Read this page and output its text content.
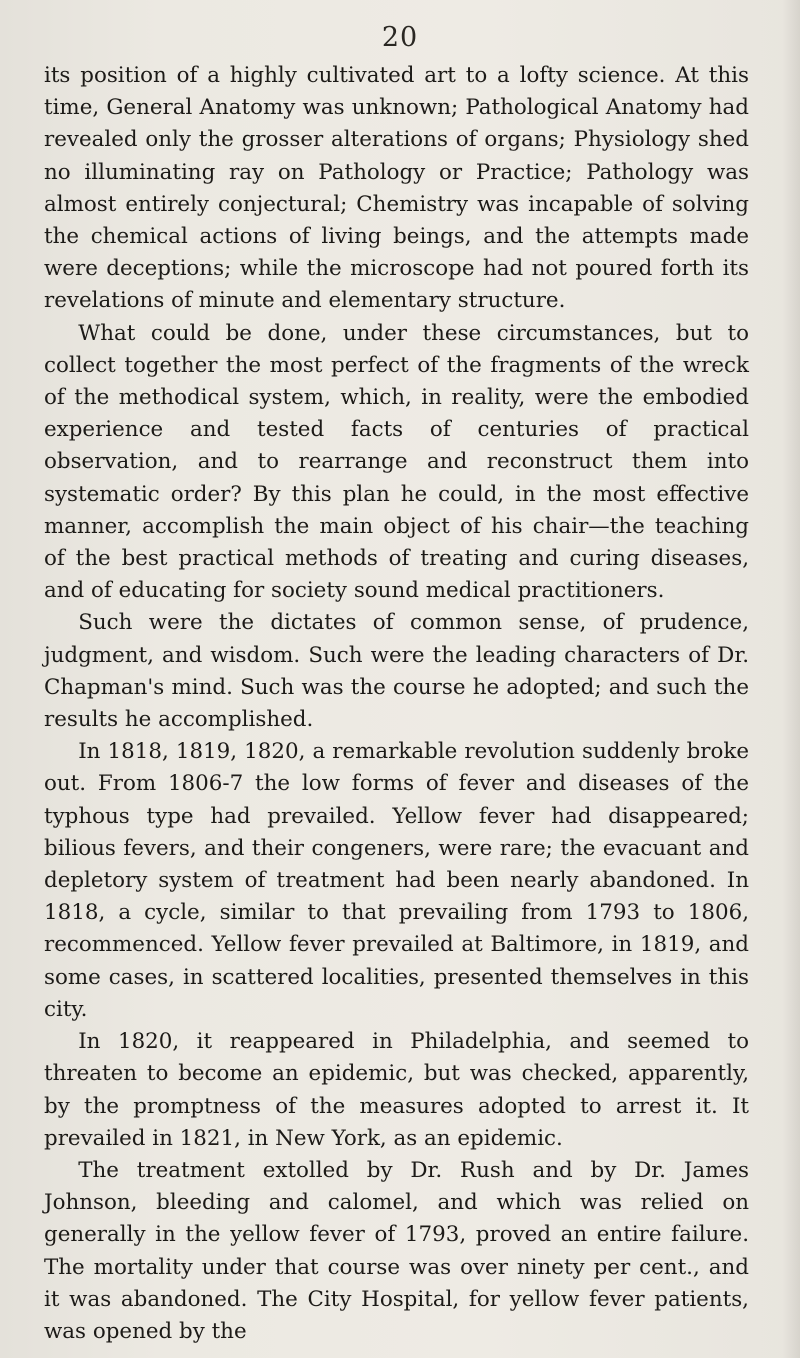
20

its position of a highly cultivated art to a lofty science. At this time, General Anatomy was unknown; Pathological Anatomy had revealed only the grosser alterations of organs; Physiology shed no illuminating ray on Pathology or Practice; Pathology was almost entirely conjectural; Chemistry was incapable of solving the chemical actions of living beings, and the attempts made were deceptions; while the microscope had not poured forth its revelations of minute and elementary structure.

What could be done, under these circumstances, but to collect together the most perfect of the fragments of the wreck of the methodical system, which, in reality, were the embodied experience and tested facts of centuries of practical observation, and to rearrange and reconstruct them into systematic order? By this plan he could, in the most effective manner, accomplish the main object of his chair—the teaching of the best practical methods of treating and curing diseases, and of educating for society sound medical practitioners.

Such were the dictates of common sense, of prudence, judgment, and wisdom. Such were the leading characters of Dr. Chapman's mind. Such was the course he adopted; and such the results he accomplished.

In 1818, 1819, 1820, a remarkable revolution suddenly broke out. From 1806-7 the low forms of fever and diseases of the typhous type had prevailed. Yellow fever had disappeared; bilious fevers, and their congeners, were rare; the evacuant and depletory system of treatment had been nearly abandoned. In 1818, a cycle, similar to that prevailing from 1793 to 1806, recommenced. Yellow fever prevailed at Baltimore, in 1819, and some cases, in scattered localities, presented themselves in this city.

In 1820, it reappeared in Philadelphia, and seemed to threaten to become an epidemic, but was checked, apparently, by the promptness of the measures adopted to arrest it. It prevailed in 1821, in New York, as an epidemic.

The treatment extolled by Dr. Rush and by Dr. James Johnson, bleeding and calomel, and which was relied on generally in the yellow fever of 1793, proved an entire failure. The mortality under that course was over ninety per cent., and it was abandoned. The City Hospital, for yellow fever patients, was opened by the
